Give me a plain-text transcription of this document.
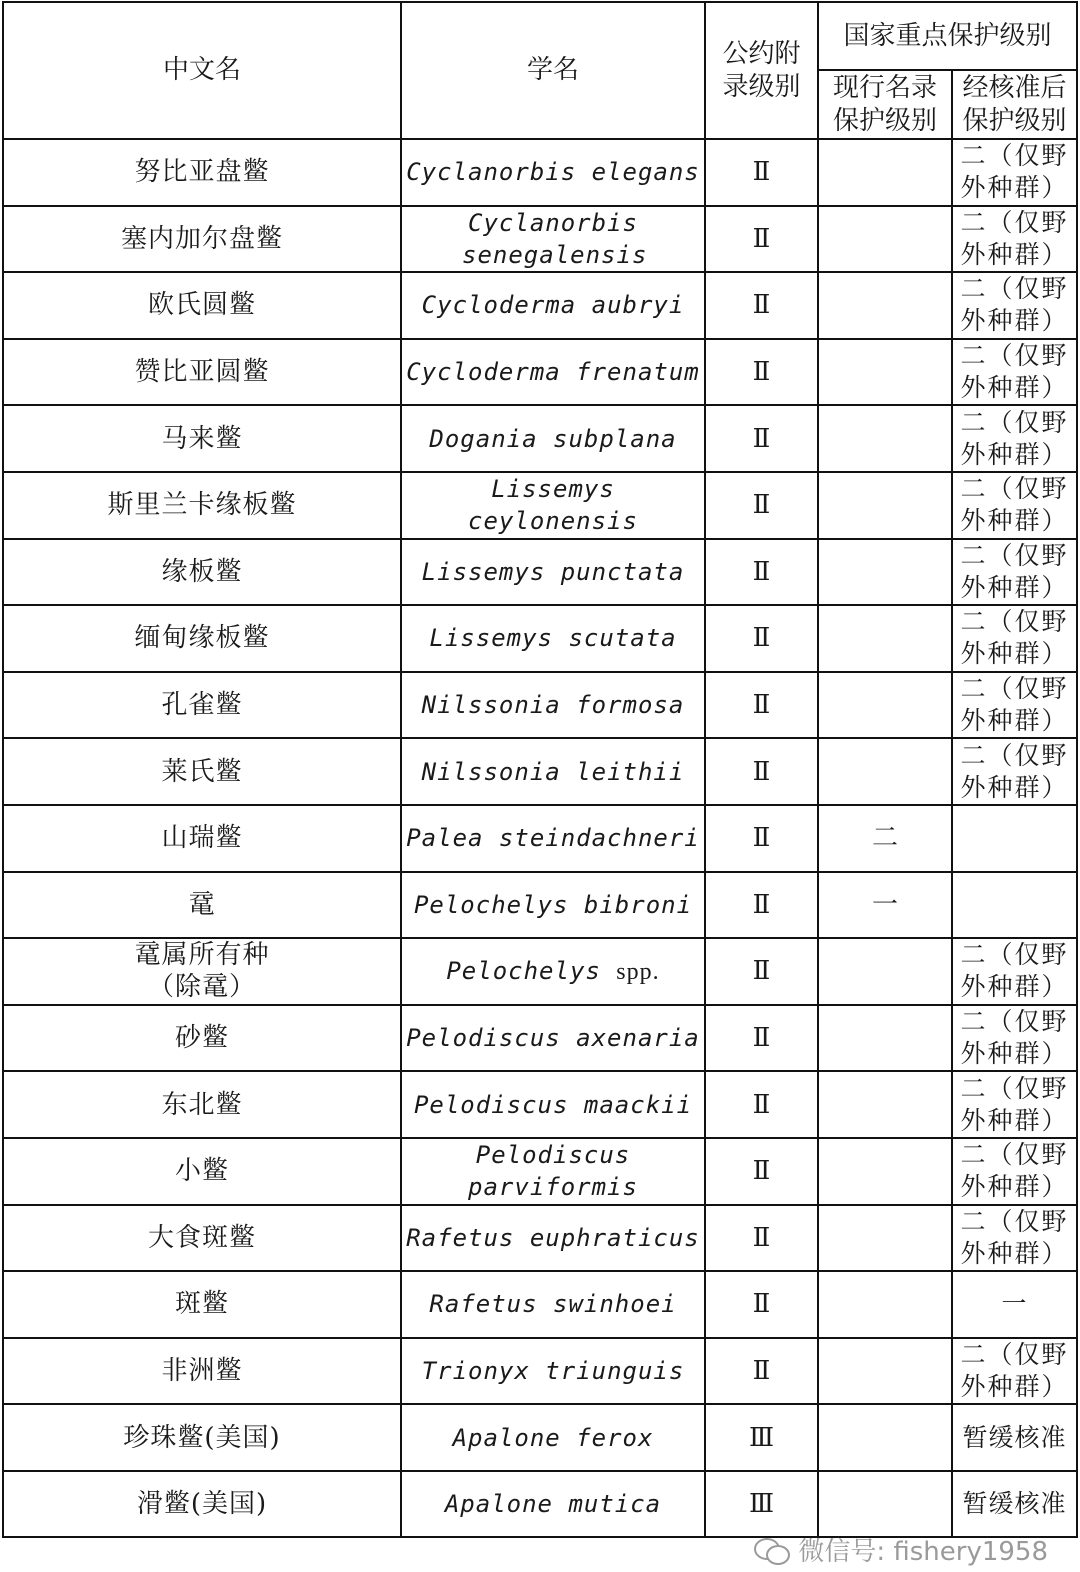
中文名	学名	公约附录级别	国家重点保护级别	

			现行名录保护级别	经核准后保护级别

努比亚盘鳖	Cyclanorbis elegans	Ⅱ		二（仅野外种群）
塞内加尔盘鳖	Cyclanorbis senegalensis	Ⅱ		二（仅野外种群）
欧氏圆鳖	Cycloderma aubryi	Ⅱ		二（仅野外种群）
赞比亚圆鳖	Cycloderma frenatum	Ⅱ		二（仅野外种群）
马来鳖	Dogania subplana	Ⅱ		二（仅野外种群）
斯里兰卡缘板鳖	Lissemys ceylonensis	Ⅱ		二（仅野外种群）
缘板鳖	Lissemys punctata	Ⅱ		二（仅野外种群）
缅甸缘板鳖	Lissemys scutata	Ⅱ		二（仅野外种群）
孔雀鳖	Nilssonia formosa	Ⅱ		二（仅野外种群）
莱氏鳖	Nilssonia leithii	Ⅱ		二（仅野外种群）
山瑞鳖	Palea steindachneri	Ⅱ	二	
鼋	Pelochelys bibroni	Ⅱ	一	
鼋属所有种（除鼋）	Pelochelys spp.	Ⅱ		二（仅野外种群）
砂鳖	Pelodiscus axenaria	Ⅱ		二（仅野外种群）
东北鳖	Pelodiscus maackii	Ⅱ		二（仅野外种群）
小鳖	Pelodiscus parviformis	Ⅱ		二（仅野外种群）
大食斑鳖	Rafetus euphraticus	Ⅱ		二（仅野外种群）
斑鳖	Rafetus swinhoei	Ⅱ		一
非洲鳖	Trionyx triunguis	Ⅱ		二（仅野外种群）
珍珠鳖(美国)	Apalone ferox	Ⅲ		暂缓核准
滑鳖(美国)	Apalone mutica	Ⅲ		暂缓核准
微信号: fishery1958
